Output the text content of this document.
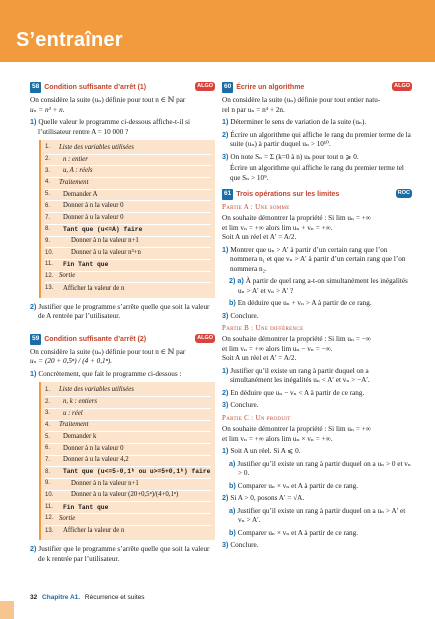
S’entraîner
58 Condition suffisante d’arrêt (1)	ALGO
On considère la suite (uₙ) définie pour tout n ∈ ℕ par
uₙ = n³ + n.
1) Quelle valeur le programme ci-dessous affiche-t-il si l’utilisateur rentre A = 10 000 ?
1.	Liste des variables utilisées
2.	n : entier
3.	u, A : réels
4.	Traitement
5.	Demander A
6.	Donner à n la valeur 0
7.	Donner à u la valeur 0
8.	Tant que (u<=A) faire
9.	Donner à n la valeur n+1
10.	Donner à u la valeur n³+n
11.	Fin Tant que
12. Sortie
13.	Afficher la valeur de n
2) Justifier que le programme s’arrête quelle que soit la valeur de A rentrée par l’utilisateur.
59 Condition suffisante d’arrêt (2)	ALGO
On considère la suite (uₙ) définie pour tout n ∈ ℕ par
uₙ = (20 + 0,5ⁿ) / (4 + 0,1ⁿ).
1) Concrètement, que fait le programme ci-dessous :
1.	Liste des variables utilisées
2.	n, k : entiers
3.	u : réel
4.	Traitement
5.	Demander k
6.	Donner à n la valeur 0
7.	Donner à u la valeur 4,2
8.	Tant que (u<=5-0,1ᵏ ou u>=5+0,1ᵏ) faire
9.	Donner à n la valeur n+1
10.	Donner à u la valeur (20+0,5ⁿ)/(4+0,1ⁿ)
11.	Fin Tant que
12. Sortie
13.	Afficher la valeur de n
2) Justifier que le programme s’arrête quelle que soit la valeur de k rentrée par l’utilisateur.
60 Écrire un algorithme	ALGO
On considère la suite (uₙ) définie pour tout entier natu-
rel n par uₙ = n⁴ + 2n.
1) Déterminer le sens de variation de la suite (uₙ).
2) Écrire un algorithme qui affiche le rang du premier terme de la suite (uₙ) à partir duquel uₙ > 10¹⁰.
3) On note Sₙ = Σ (k=0 à n) uₖ pour tout n ⩾ 0.
Écrire un algorithme qui affiche le rang du premier terme tel que Sₙ > 10⁹.
61 Trois opérations sur les limites	ROC
Partie A : Une somme
On souhaite démontrer la propriété : Si lim uₙ = +∞
et lim vₙ = +∞ alors lim uₙ + vₙ = +∞.
Soit A un réel et A′ = A/2.
1) Montrer que uₙ > A′ à partir d’un certain rang que l’on nommera n₁ et que vₙ > A′ à partir d’un certain rang que l’on nommera n₂.
2) a) À partir de quel rang a-t-on simultanément les inégalités uₙ > A′ et vₙ > A′ ?
b) En déduire que uₙ + vₙ > A à partir de ce rang.
3) Conclure.
Partie B : Une différence
On souhaite démontrer la propriété : Si lim uₙ = −∞
et lim vₙ = +∞ alors lim uₙ − vₙ = −∞.
Soit A un réel et A′ = A/2.
1) Justifier qu’il existe un rang à partir duquel on a simultanément les inégalités uₙ < A′ et vₙ > −A′.
2) En déduire que uₙ − vₙ < A à partir de ce rang.
3) Conclure.
Partie C : Un produit
On souhaite démontrer la propriété : Si lim uₙ = +∞
et lim vₙ = +∞ alors lim uₙ × vₙ = +∞.
1) Soit A un réel. Si A ⩽ 0.
a) Justifier qu’il existe un rang à partir duquel on a uₙ > 0 et vₙ > 0.
b) Comparer uₙ × vₙ et A à partir de ce rang.
2) Si A > 0, posons A′ = √A.
a) Justifier qu’il existe un rang à partir duquel on a uₙ > A′ et vₙ > A′.
b) Comparer uₙ × vₙ et A à partir de ce rang.
3) Conclure.
32 Chapitre A1. Récurrence et suites
